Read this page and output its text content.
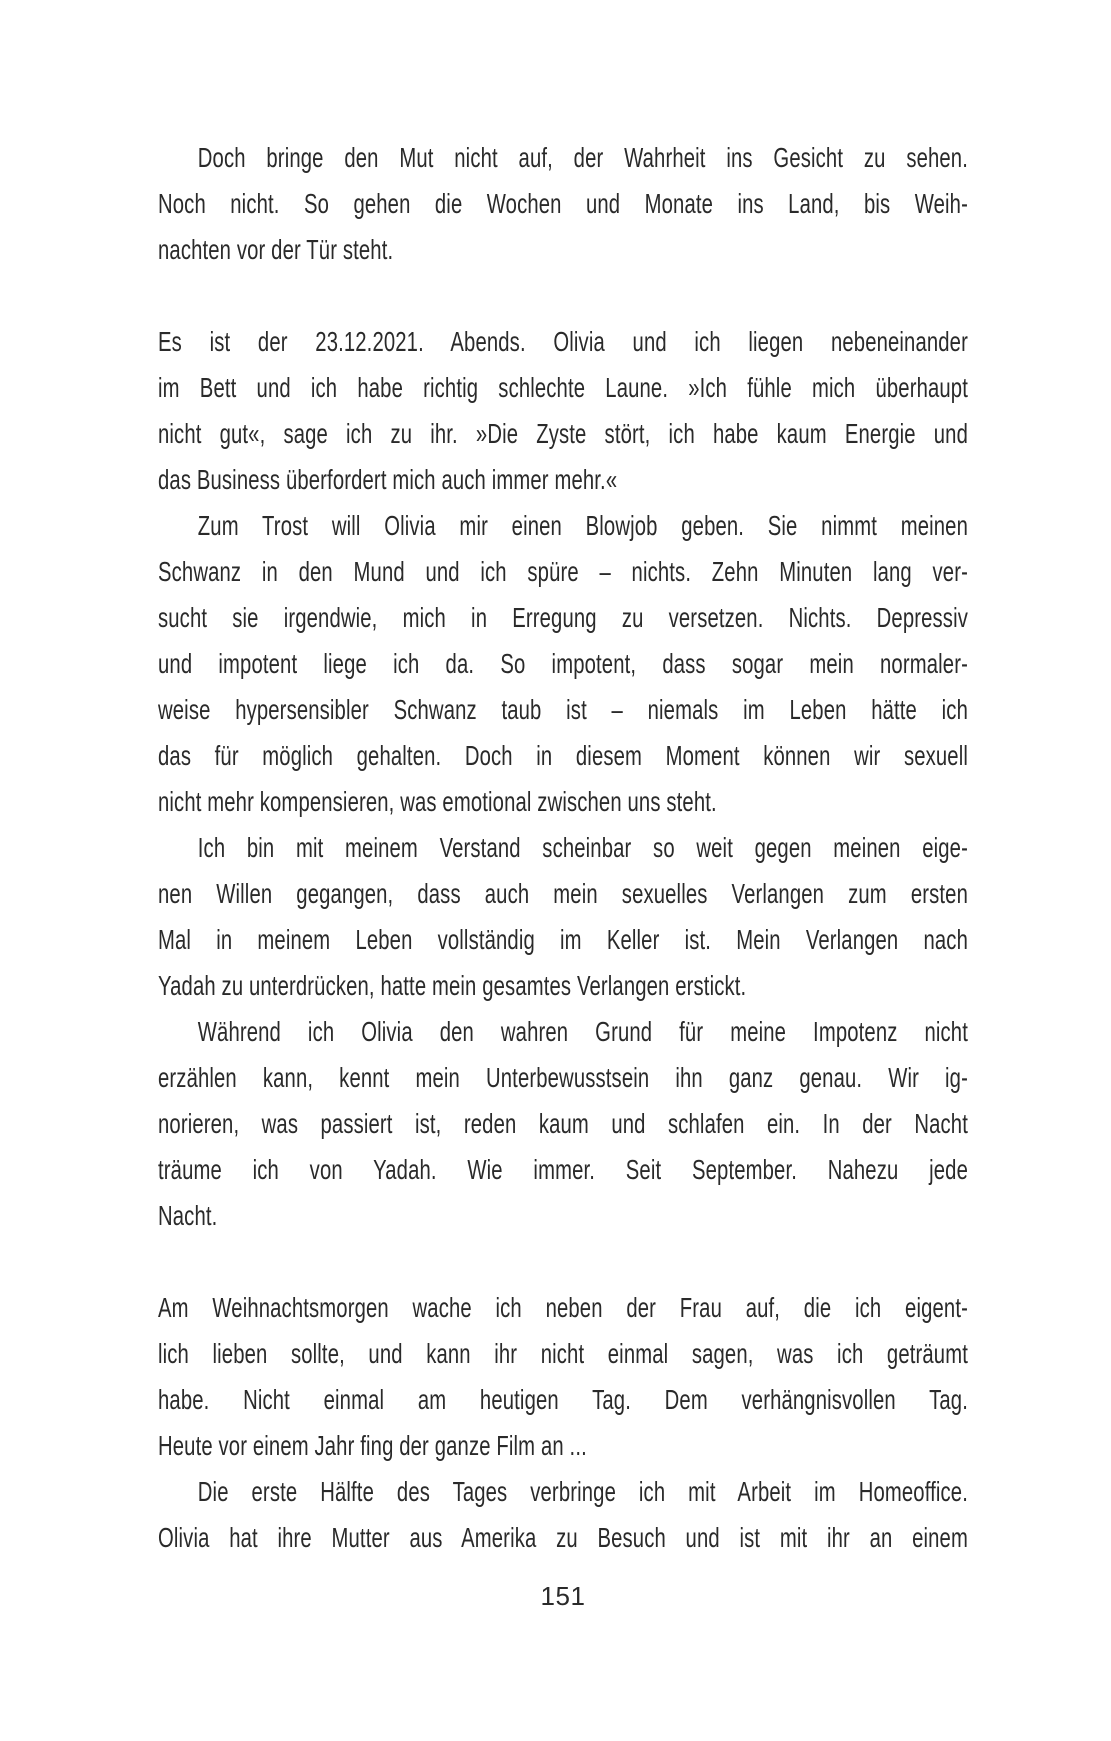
Doch bringe den Mut nicht auf, der Wahrheit ins Gesicht zu sehen.
Noch nicht. So gehen die Wochen und Monate ins Land, bis Weih-
nachten vor der Tür steht.
Es ist der 23.12.2021. Abends. Olivia und ich liegen nebeneinander
im Bett und ich habe richtig schlechte Laune. »Ich fühle mich überhaupt
nicht gut«, sage ich zu ihr. »Die Zyste stört, ich habe kaum Energie und
das Business überfordert mich auch immer mehr.«
Zum Trost will Olivia mir einen Blowjob geben. Sie nimmt meinen
Schwanz in den Mund und ich spüre – nichts. Zehn Minuten lang ver-
sucht sie irgendwie, mich in Erregung zu versetzen. Nichts. Depressiv
und impotent liege ich da. So impotent, dass sogar mein normaler-
weise hypersensibler Schwanz taub ist – niemals im Leben hätte ich
das für möglich gehalten. Doch in diesem Moment können wir sexuell
nicht mehr kompensieren, was emotional zwischen uns steht.
Ich bin mit meinem Verstand scheinbar so weit gegen meinen eige-
nen Willen gegangen, dass auch mein sexuelles Verlangen zum ersten
Mal in meinem Leben vollständig im Keller ist. Mein Verlangen nach
Yadah zu unterdrücken, hatte mein gesamtes Verlangen erstickt.
Während ich Olivia den wahren Grund für meine Impotenz nicht
erzählen kann, kennt mein Unterbewusstsein ihn ganz genau. Wir ig-
norieren, was passiert ist, reden kaum und schlafen ein. In der Nacht
träume ich von Yadah. Wie immer. Seit September. Nahezu jede
Nacht.
Am Weihnachtsmorgen wache ich neben der Frau auf, die ich eigent-
lich lieben sollte, und kann ihr nicht einmal sagen, was ich geträumt
habe. Nicht einmal am heutigen Tag. Dem verhängnisvollen Tag.
Heute vor einem Jahr fing der ganze Film an ...
Die erste Hälfte des Tages verbringe ich mit Arbeit im Homeoffice.
Olivia hat ihre Mutter aus Amerika zu Besuch und ist mit ihr an einem
151
